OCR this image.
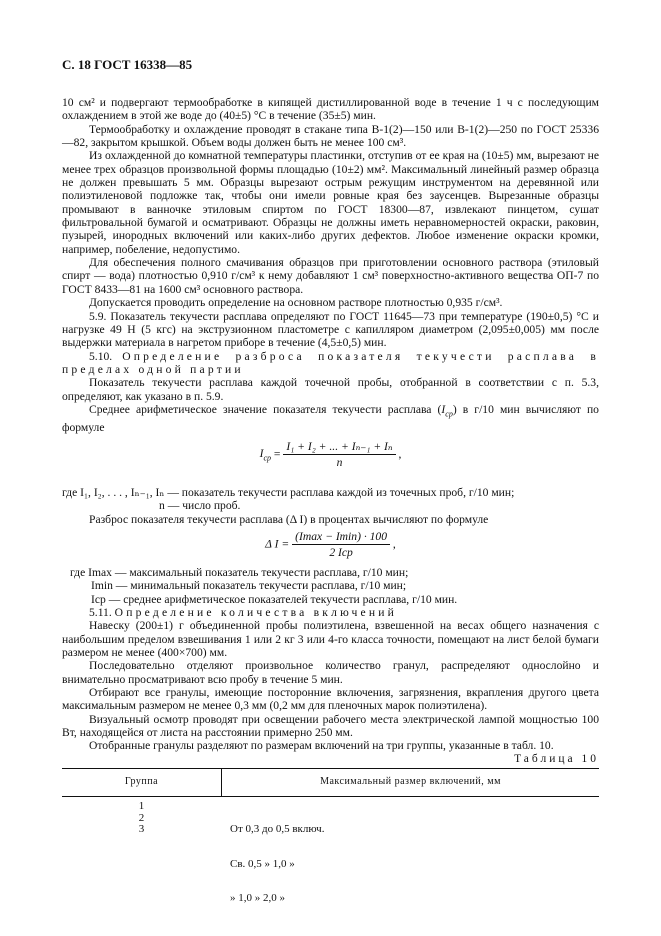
С. 18 ГОСТ 16338—85

10 см² и подвергают термообработке в кипящей дистиллированной воде в течение 1 ч с последующим охлаждением в этой же воде до (40±5) °С в течение (35±5) мин.

Термообработку и охлаждение проводят в стакане типа В-1(2)—150 или В-1(2)—250 по ГОСТ 25336—82, закрытом крышкой. Объем воды должен быть не менее 100 см³.

Из охлажденной до комнатной температуры пластинки, отступив от ее края на (10±5) мм, вырезают не менее трех образцов произвольной формы площадью (10±2) мм². Максимальный линейный размер образца не должен превышать 5 мм. Образцы вырезают острым режущим инструментом на деревянной или полиэтиленовой подложке так, чтобы они имели ровные края без заусенцев. Вырезанные образцы промывают в ванночке этиловым спиртом по ГОСТ 18300—87, извлекают пинцетом, сушат фильтровальной бумагой и осматривают. Образцы не должны иметь неравномерностей окраски, раковин, пузырей, инородных включений или каких-либо других дефектов. Любое изменение окраски кромки, например, побеление, недопустимо.

Для обеспечения полного смачивания образцов при приготовлении основного раствора (этиловый спирт — вода) плотностью 0,910 г/см³ к нему добавляют 1 см³ поверхностно-активного вещества ОП-7 по ГОСТ 8433—81 на 1600 см³ основного раствора.

Допускается проводить определение на основном растворе плотностью 0,935 г/см³.

5.9. Показатель текучести расплава определяют по ГОСТ 11645—73 при температуре (190±0,5) °С и нагрузке 49 Н (5 кгс) на экструзионном пластометре с капилляром диаметром (2,095±0,005) мм после выдержки материала в нагретом приборе в течение (4,5±0,5) мин.

5.10. Определение разброса показателя текучести расплава в пределах одной партии

Показатель текучести расплава каждой точечной пробы, отобранной в соответствии с п. 5.3, определяют, как указано в п. 5.9.

Среднее арифметическое значение показателя текучести расплава $(I_{ср})$ в г/10 мин вычисляют по формуле

$I_{ср} = \frac{\text{I₁ + I₂ + ... + Iₙ₋₁ + Iₙ}}{n}$ ,

где I₁, I₂, . . . , Iₙ₋₁, Iₙ — показатель текучести расплава каждой из точечных проб, г/10 мин;

n — число проб.

Разброс показателя текучести расплава (Δ I) в процентах вычисляют по формуле

Δ $I = \frac{(Imax - Imin) \cdot 100}{\text{2 Iср}}$ ,

где Imax — максимальный показатель текучести расплава, г/10 мин;

Imin — минимальный показатель текучести расплава, г/10 мин;

Iср — среднее арифметическое показателей текучести расплава, г/10 мин.

5.11. Определение количества включений

Навеску (200±1) г объединенной пробы полиэтилена, взвешенной на весах общего назначения с наибольшим пределом взвешивания 1 или 2 кг 3 или 4-го класса точности, помещают на лист белой бумаги размером не менее (400×700) мм.

Последовательно отделяют произвольное количество гранул, распределяют однослойно и внимательно просматривают всю пробу в течение 5 мин.

Отбирают все гранулы, имеющие посторонние включения, загрязнения, вкрапления другого цвета максимальным размером не менее 0,3 мм (0,2 мм для пленочных марок полиэтилена).

Визуальный осмотр проводят при освещении рабочего места электрической лампой мощностью 100 Вт, находящейся от листа на расстоянии примерно 250 мм.

Отобранные гранулы разделяют по размерам включений на три группы, указанные в табл. 10.

Таблица 10
Группа	Максимальный размер включений, мм
1
2
3

	От 0,3 до 0,5 включ.

Св. 0,5 » 1,0 »

» 1,0 » 2,0 »
